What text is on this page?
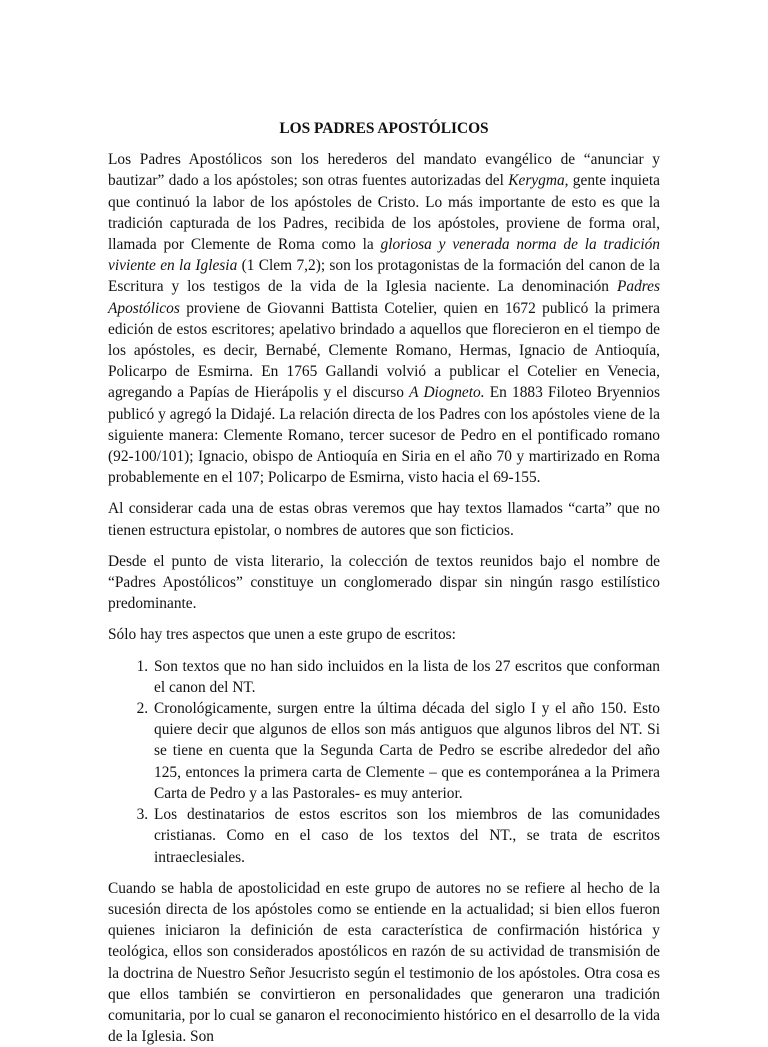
LOS PADRES APOSTÓLICOS

Los Padres Apostólicos son los herederos del mandato evangélico de “anunciar y bautizar” dado a los apóstoles; son otras fuentes autorizadas del Kerygma, gente inquieta que continuó la labor de los apóstoles de Cristo. Lo más importante de esto es que la tradición capturada de los Padres, recibida de los apóstoles, proviene de forma oral, llamada por Clemente de Roma como la gloriosa y venerada norma de la tradición viviente en la Iglesia (1 Clem 7,2); son los protagonistas de la formación del canon de la Escritura y los testigos de la vida de la Iglesia naciente. La denominación Padres Apostólicos proviene de Giovanni Battista Cotelier, quien en 1672 publicó la primera edición de estos escritores; apelativo brindado a aquellos que florecieron en el tiempo de los apóstoles, es decir, Bernabé, Clemente Romano, Hermas, Ignacio de Antioquía, Policarpo de Esmirna. En 1765 Gallandi volvió a publicar el Cotelier en Venecia, agregando a Papías de Hierápolis y el discurso A Diogneto. En 1883 Filoteo Bryennios publicó y agregó la Didajé. La relación directa de los Padres con los apóstoles viene de la siguiente manera: Clemente Romano, tercer sucesor de Pedro en el pontificado romano (92-100/101); Ignacio, obispo de Antioquía en Siria en el año 70 y martirizado en Roma probablemente en el 107; Policarpo de Esmirna, visto hacia el 69-155.

Al considerar cada una de estas obras veremos que hay textos llamados “carta” que no tienen estructura epistolar, o nombres de autores que son ficticios.

Desde el punto de vista literario, la colección de textos reunidos bajo el nombre de “Padres Apostólicos” constituye un conglomerado dispar sin ningún rasgo estilístico predominante.

Sólo hay tres aspectos que unen a este grupo de escritos:

1. Son textos que no han sido incluidos en la lista de los 27 escritos que conforman el canon del NT.
2. Cronológicamente, surgen entre la última década del siglo I y el año 150. Esto quiere decir que algunos de ellos son más antiguos que algunos libros del NT. Si se tiene en cuenta que la Segunda Carta de Pedro se escribe alrededor del año 125, entonces la primera carta de Clemente – que es contemporánea a la Primera Carta de Pedro y a las Pastorales- es muy anterior.
3. Los destinatarios de estos escritos son los miembros de las comunidades cristianas. Como en el caso de los textos del NT., se trata de escritos intraeclesiales.

Cuando se habla de apostolicidad en este grupo de autores no se refiere al hecho de la sucesión directa de los apóstoles como se entiende en la actualidad; si bien ellos fueron quienes iniciaron la definición de esta característica de confirmación histórica y teológica, ellos son considerados apostólicos en razón de su actividad de transmisión de la doctrina de Nuestro Señor Jesucristo según el testimonio de los apóstoles. Otra cosa es que ellos también se convirtieron en personalidades que generaron una tradición comunitaria, por lo cual se ganaron el reconocimiento histórico en el desarrollo de la vida de la Iglesia. Son
